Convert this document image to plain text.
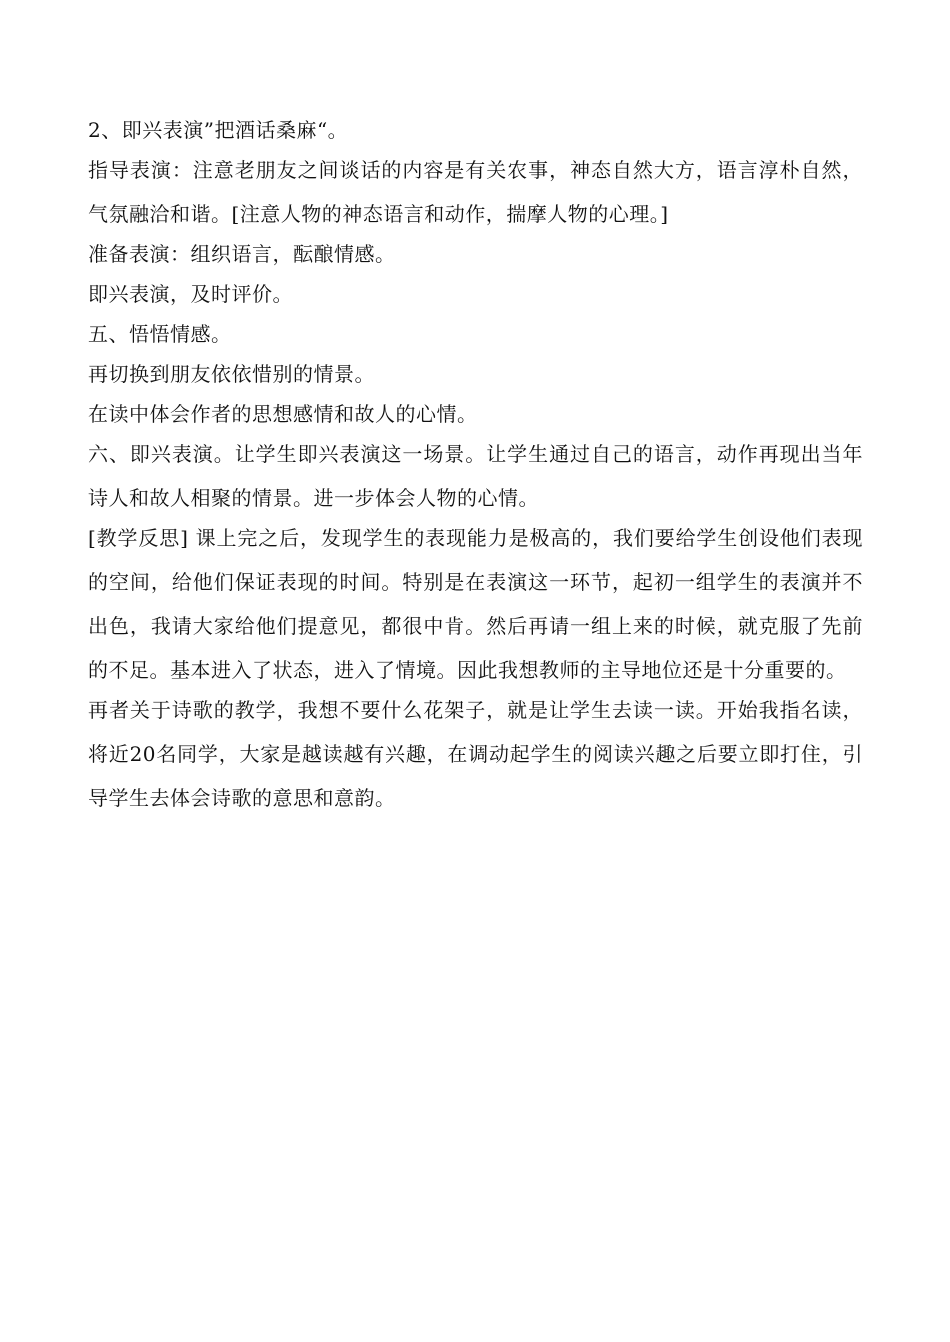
2、即兴表演”把酒话桑麻“。

指导表演：注意老朋友之间谈话的内容是有关农事，神态自然大方，语言淳朴自然，气氛融洽和谐。[注意人物的神态语言和动作，揣摩人物的心理。]

准备表演：组织语言，酝酿情感。

即兴表演，及时评价。

五、悟悟情感。

再切换到朋友依依惜别的情景。

在读中体会作者的思想感情和故人的心情。

六、即兴表演。让学生即兴表演这一场景。让学生通过自己的语言，动作再现出当年诗人和故人相聚的情景。进一步体会人物的心情。

[教学反思] 课上完之后，发现学生的表现能力是极高的，我们要给学生创设他们表现的空间，给他们保证表现的时间。特别是在表演这一环节，起初一组学生的表演并不出色，我请大家给他们提意见，都很中肯。然后再请一组上来的时候，就克服了先前的不足。基本进入了状态，进入了情境。因此我想教师的主导地位还是十分重要的。

再者关于诗歌的教学，我想不要什么花架子，就是让学生去读一读。开始我指名读，将近20名同学，大家是越读越有兴趣，在调动起学生的阅读兴趣之后要立即打住，引导学生去体会诗歌的意思和意韵。
